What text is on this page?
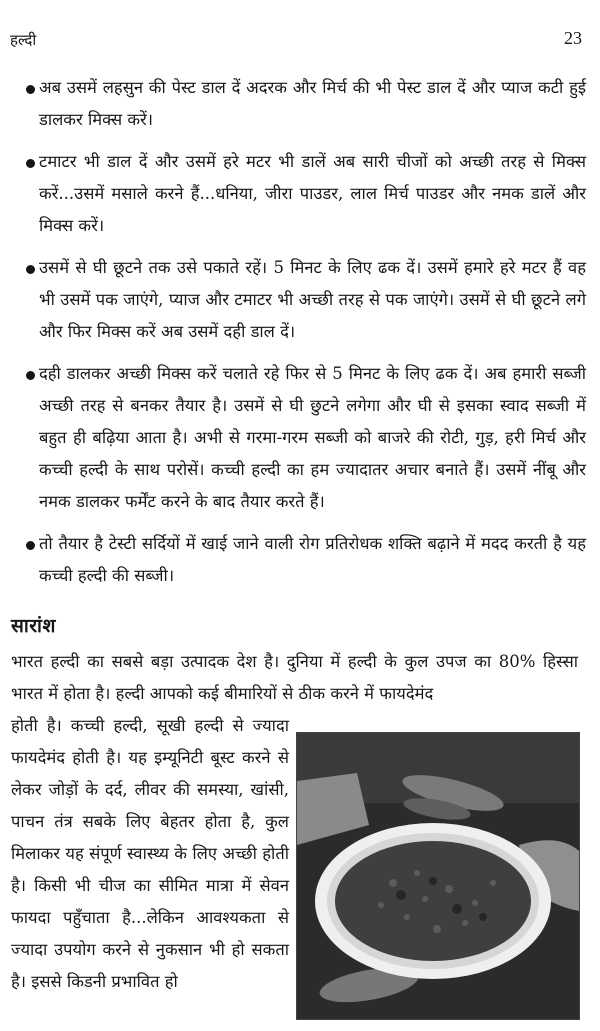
हल्दी	23
अब उसमें लहसुन की पेस्ट डाल दें अदरक और मिर्च की भी पेस्ट डाल दें और प्याज कटी हुई डालकर मिक्स करें।
टमाटर भी डाल दें और उसमें हरे मटर भी डालें अब सारी चीजों को अच्छी तरह से मिक्स करें...उसमें मसाले करने हैं...धनिया, जीरा पाउडर, लाल मिर्च पाउडर और नमक डालें और मिक्स करें।
उसमें से घी छूटने तक उसे पकाते रहें। 5 मिनट के लिए ढक दें। उसमें हमारे हरे मटर हैं वह भी उसमें पक जाएंगे, प्याज और टमाटर भी अच्छी तरह से पक जाएंगे। उसमें से घी छूटने लगे और फिर मिक्स करें अब उसमें दही डाल दें।
दही डालकर अच्छी मिक्स करें चलाते रहे फिर से 5 मिनट के लिए ढक दें। अब हमारी सब्जी अच्छी तरह से बनकर तैयार है। उसमें से घी छुटने लगेगा और घी से इसका स्वाद सब्जी में बहुत ही बढ़िया आता है। अभी से गरमा-गरम सब्जी को बाजरे की रोटी, गुड़, हरी मिर्च और कच्ची हल्दी के साथ परोसें। कच्ची हल्दी का हम ज्यादातर अचार बनाते हैं। उसमें नींबू और नमक डालकर फर्मेंट करने के बाद तैयार करते हैं।
तो तैयार है टेस्टी सर्दियों में खाई जाने वाली रोग प्रतिरोधक शक्ति बढ़ाने में मदद करती है यह कच्ची हल्दी की सब्जी।
सारांश
भारत हल्दी का सबसे बड़ा उत्पादक देश है। दुनिया में हल्दी के कुल उपज का 80% हिस्सा भारत में होता है। हल्दी आपको कई बीमारियों से ठीक करने में फायदेमंद
होती है। कच्ची हल्दी, सूखी हल्दी से ज्यादा फायदेमंद होती है। यह इम्यूनिटी बूस्ट करने से लेकर जोड़ों के दर्द, लीवर की समस्या, खांसी, पाचन तंत्र सबके लिए बेहतर होता है, कुल मिलाकर यह संपूर्ण स्वास्थ्य के लिए अच्छी होती है। किसी भी चीज का सीमित मात्रा में सेवन फायदा पहुँचाता है...लेकिन आवश्यकता से ज्यादा उपयोग करने से नुकसान भी हो सकता है। इससे किडनी प्रभावित हो
